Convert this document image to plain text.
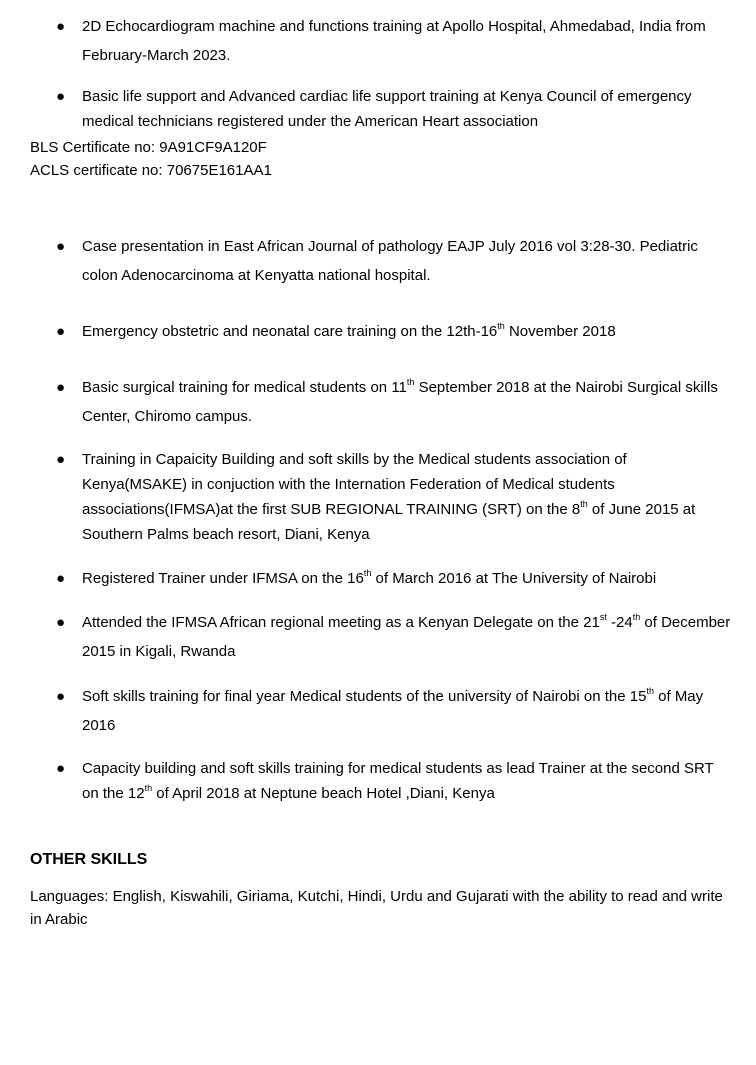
● 2D Echocardiogram machine and functions training at Apollo Hospital, Ahmedabad, India from February-March 2023.
● Basic life support and Advanced cardiac life support training at Kenya Council of emergency medical technicians registered under the American Heart association
BLS Certificate no: 9A91CF9A120F
ACLS certificate no: 70675E161AA1
● Case presentation in East African Journal of pathology EAJP July 2016 vol 3:28-30. Pediatric colon Adenocarcinoma at Kenyatta national hospital.
● Emergency obstetric and neonatal care training on the 12th-16th November 2018
● Basic surgical training for medical students on 11th September 2018 at the Nairobi Surgical skills Center, Chiromo campus.
● Training in Capaicity Building and soft skills by the Medical students association of Kenya(MSAKE) in conjuction with the Internation Federation of Medical students associations(IFMSA)at the first SUB REGIONAL TRAINING (SRT) on the 8th of June 2015 at Southern Palms beach resort, Diani, Kenya
● Registered Trainer under IFMSA on the 16th of March 2016 at The University of Nairobi
● Attended the IFMSA African regional meeting as a Kenyan Delegate on the 21st -24th of December 2015 in Kigali, Rwanda
● Soft skills training for final year Medical students of the university of Nairobi on the 15th of May 2016
● Capacity building and soft skills training for medical students as lead Trainer at the second SRT on the 12th of April 2018 at Neptune beach Hotel ,Diani, Kenya
OTHER SKILLS
Languages: English, Kiswahili, Giriama, Kutchi, Hindi, Urdu and Gujarati with the ability to read and write in Arabic
